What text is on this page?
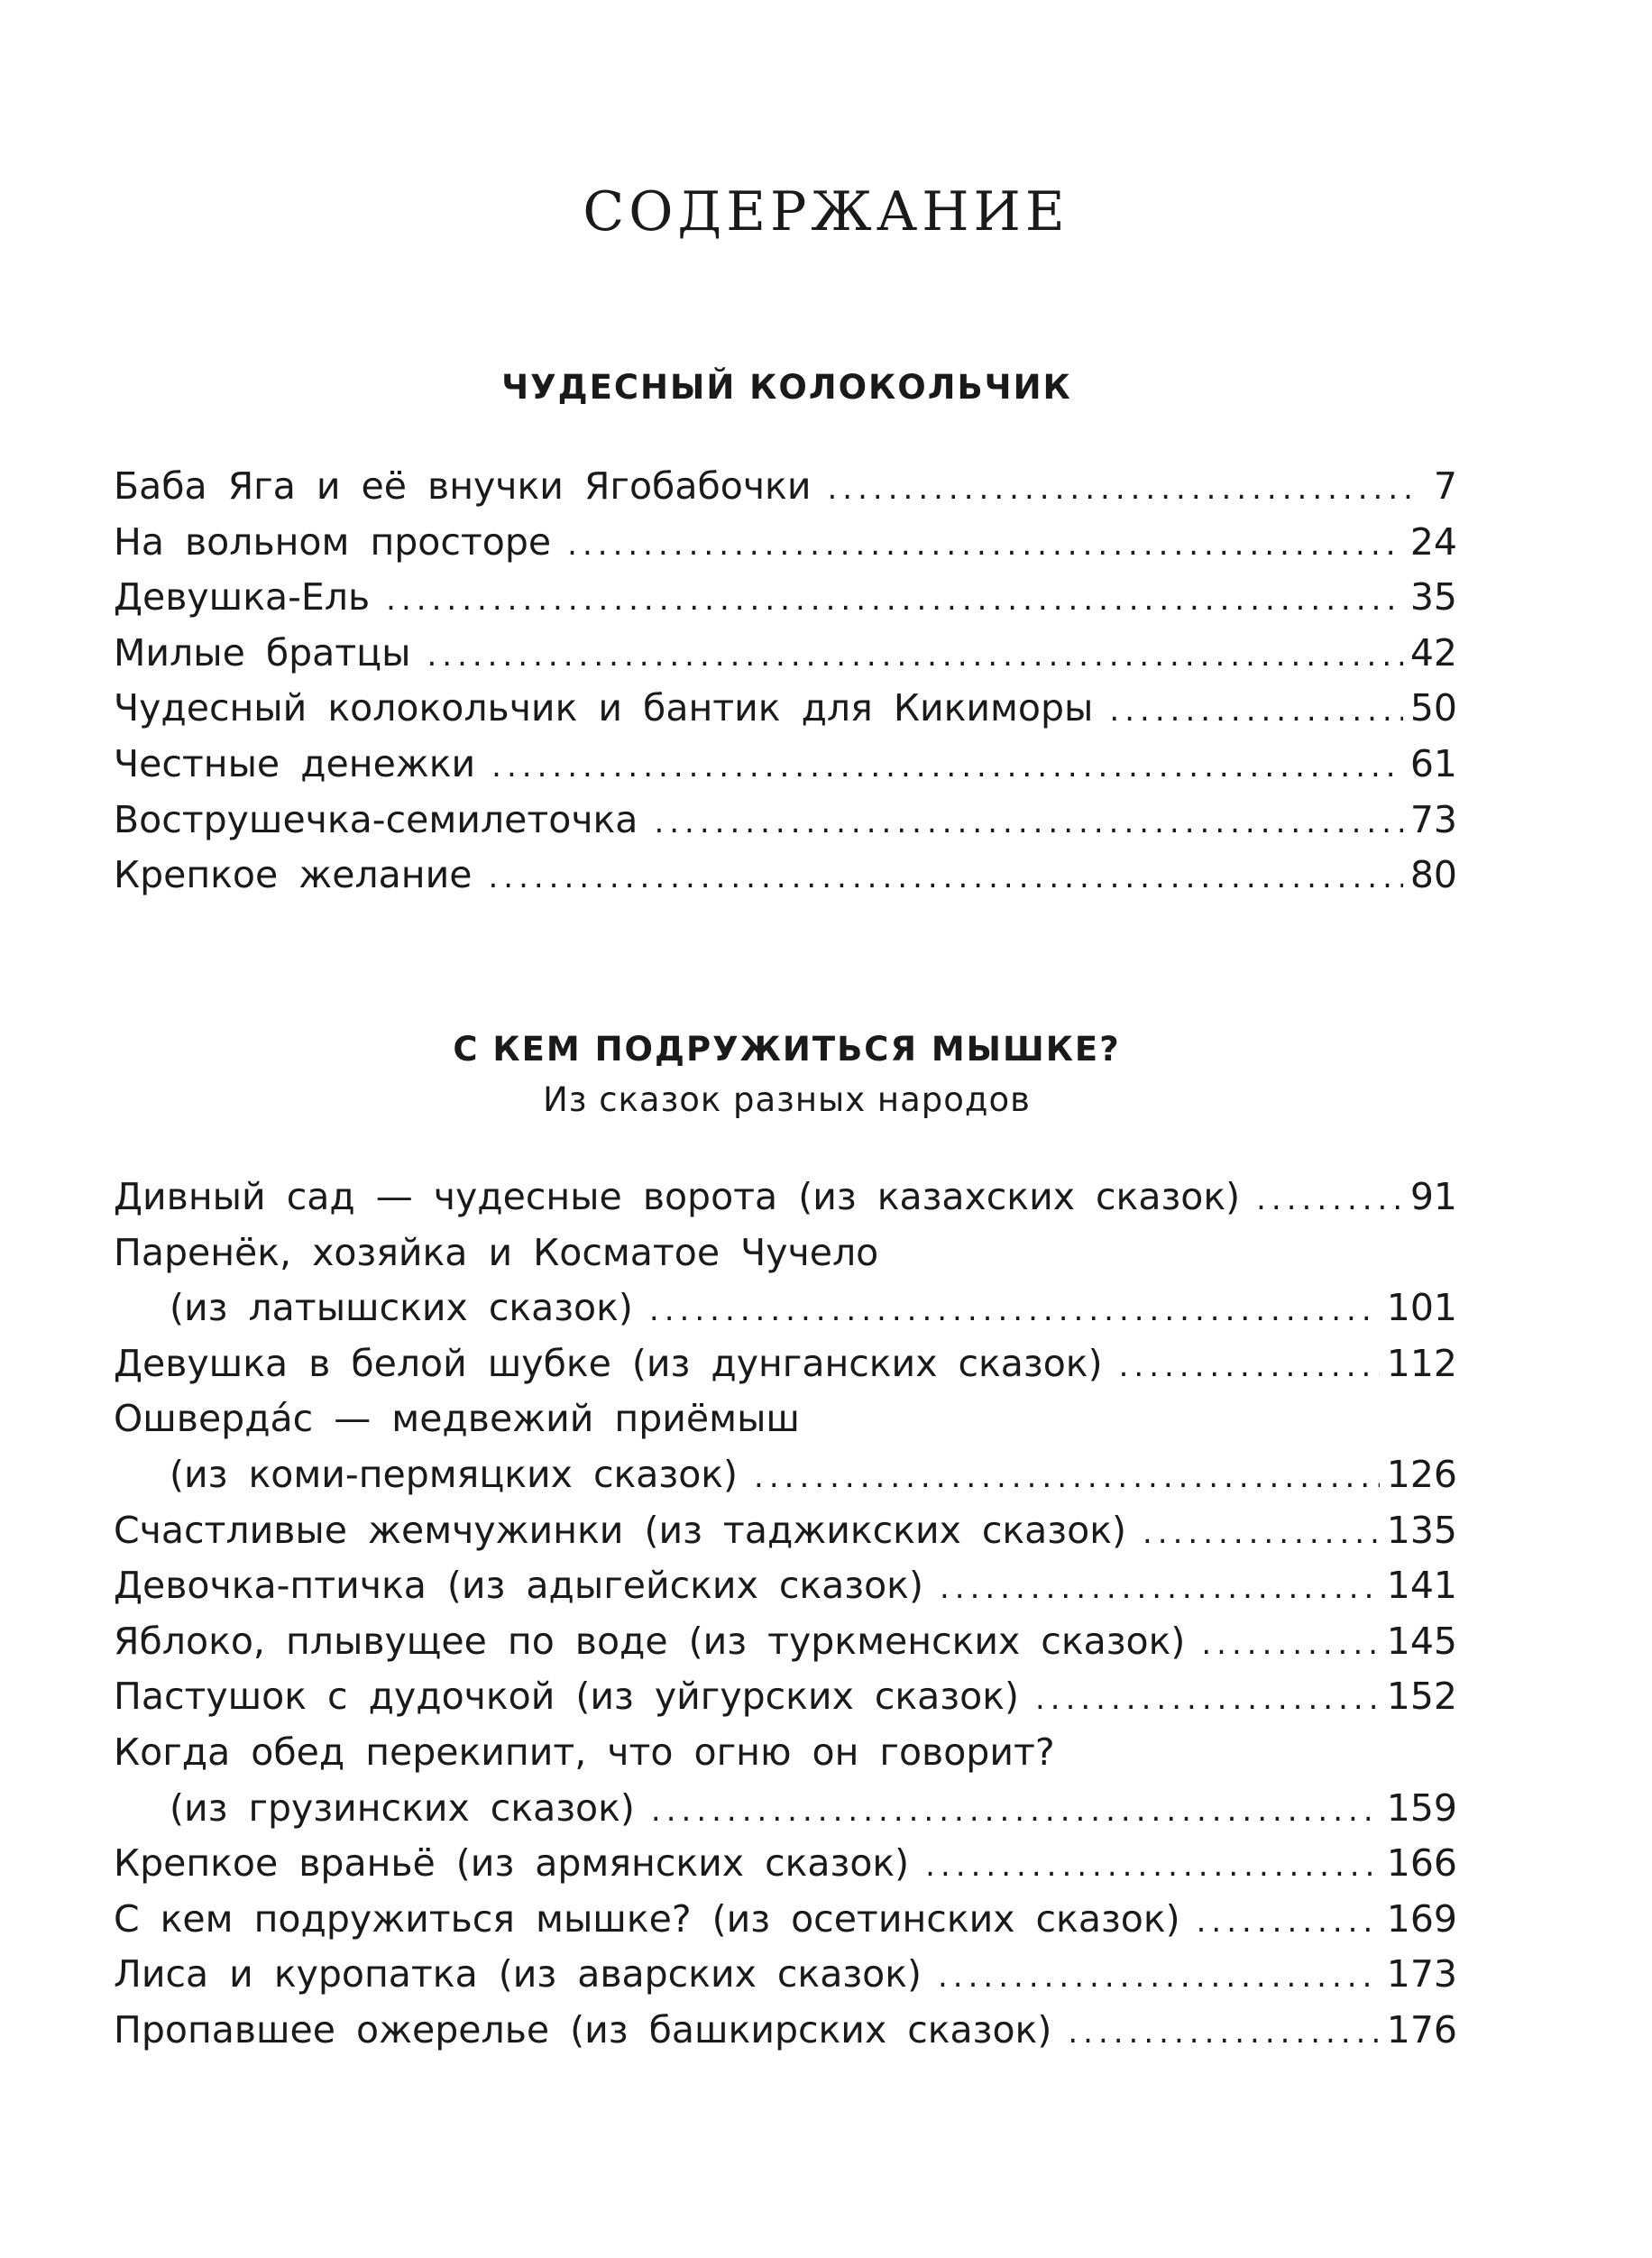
СОДЕРЖАНИЕ
ЧУДЕСНЫЙ КОЛОКОЛЬЧИК
Баба Яга и её внучки Ягобабочки .....	7
На вольном просторе .....	24
Девушка-Ель .....	35
Милые братцы .....	42
Чудесный колокольчик и бантик для Кикиморы .....	50
Честные денежки .....	61
Вострушечка-семилеточка .....	73
Крепкое желание .....	80
С КЕМ ПОДРУЖИТЬСЯ МЫШКЕ?
Из сказок разных народов
Дивный сад — чудесные ворота (из казахских сказок) .....	91
Паренёк, хозяйка и Косматое Чучело
(из латышских сказок) .....	101
Девушка в белой шубке (из дунганских сказок) .....	112
Ошвердáс — медвежий приёмыш
(из коми-пермяцких сказок) .....	126
Счастливые жемчужинки (из таджикских сказок) .....	135
Девочка-птичка (из адыгейских сказок) .....	141
Яблоко, плывущее по воде (из туркменских сказок) .....	145
Пастушок с дудочкой (из уйгурских сказок) .....	152
Когда обед перекипит, что огню он говорит?
(из грузинских сказок) .....	159
Крепкое враньё (из армянских сказок) .....	166
С кем подружиться мышке? (из осетинских сказок) .....	169
Лиса и куропатка (из аварских сказок) .....	173
Пропавшее ожерелье (из башкирских сказок) .....	176
